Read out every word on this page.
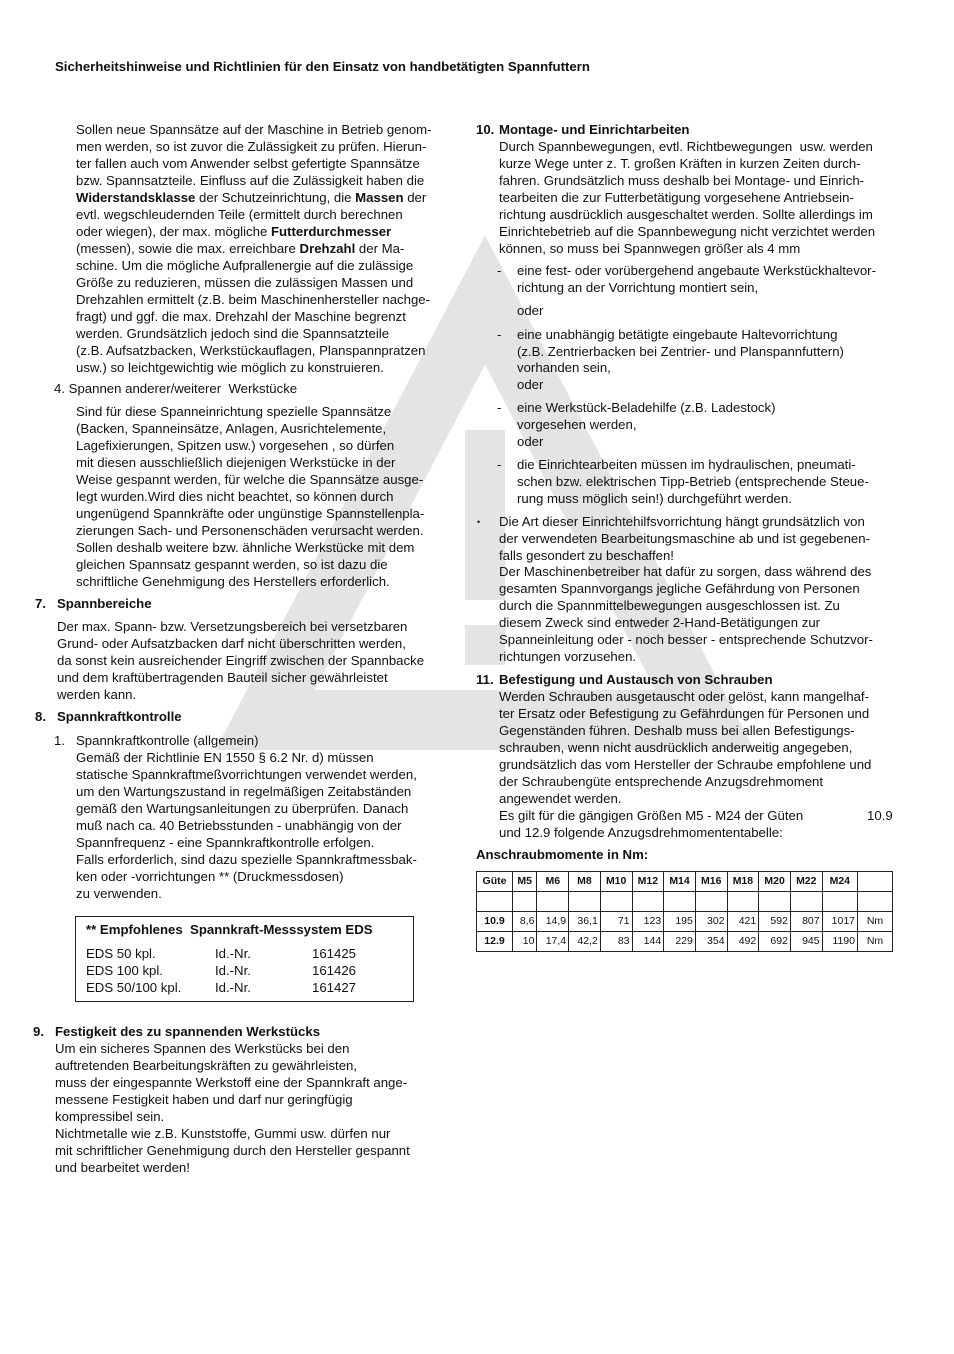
Sicherheitshinweise und Richtlinien für den Einsatz von handbetätigten Spannfuttern
Sollen neue Spannsätze auf der Maschine in Betrieb genom-
men werden, so ist zuvor die Zulässigkeit zu prüfen. Hierun-
ter fallen auch vom Anwender selbst gefertigte Spannsätze
bzw. Spannsatzteile. Einfluss auf die Zulässigkeit haben die
Widerstandsklasse der Schutzeinrichtung, die Massen der
evtl. wegschleudernden Teile (ermittelt durch berechnen
oder wiegen), der max. mögliche Futterdurchmesser
(messen), sowie die max. erreichbare Drehzahl der Ma-
schine. Um die mögliche Aufprallenergie auf die zulässige
Größe zu reduzieren, müssen die zulässigen Massen und
Drehzahlen ermittelt (z.B. beim Maschinenhersteller nachge-
fragt) und ggf. die max. Drehzahl der Maschine begrenzt
werden. Grundsätzlich jedoch sind die Spannsatzteile
(z.B. Aufsatzbacken, Werkstückauflagen, Planspannpratzen
usw.) so leichtgewichtig wie möglich zu konstruieren.
4. Spannen anderer/weiterer  Werkstücke
Sind für diese Spanneinrichtung spezielle Spannsätze
(Backen, Spanneinsätze, Anlagen, Ausrichtelemente,
Lagefixierungen, Spitzen usw.) vorgesehen , so dürfen
mit diesen ausschließlich diejenigen Werkstücke in der
Weise gespannt werden, für welche die Spannsätze ausge-
legt wurden.Wird dies nicht beachtet, so können durch
ungenügend Spannkräfte oder ungünstige Spannstellenpla-
zierungen Sach- und Personenschäden verursacht werden.
Sollen deshalb weitere bzw. ähnliche Werkstücke mit dem
gleichen Spannsatz gespannt werden, so ist dazu die
schriftliche Genehmigung des Herstellers erforderlich.
7. Spannbereiche
Der max. Spann- bzw. Versetzungsbereich bei versetzbaren
Grund- oder Aufsatzbacken darf nicht überschritten werden,
da sonst kein ausreichender Eingriff zwischen der Spannbacke
und dem kraftübertragenden Bauteil sicher gewährleistet
werden kann.
8. Spannkraftkontrolle
1. Spannkraftkontrolle (allgemein)
Gemäß der Richtlinie EN 1550 § 6.2 Nr. d) müssen
statische Spannkraftmeßvorrichtungen verwendet werden,
um den Wartungszustand in regelmäßigen Zeitabständen
gemäß den Wartungsanleitungen zu überprüfen. Danach
muß nach ca. 40 Betriebsstunden - unabhängig von der
Spannfrequenz - eine Spannkraftkontrolle erfolgen.
Falls erforderlich, sind dazu spezielle Spannkraftmessbak-
ken oder -vorrichtungen ** (Druckmessdosen)
zu verwenden.
** Empfohlenes  Spannkraft-Messsystem EDS
EDS 50 kpl.	Id.-Nr.	161425
EDS 100 kpl.	Id.-Nr.	161426
EDS 50/100 kpl.	Id.-Nr.	161427
9. Festigkeit des zu spannenden Werkstücks
Um ein sicheres Spannen des Werkstücks bei den
auftretenden Bearbeitungskräften zu gewährleisten,
muss der eingespannte Werkstoff eine der Spannkraft ange-
messene Festigkeit haben und darf nur geringfügig
kompressibel sein.
Nichtmetalle wie z.B. Kunststoffe, Gummi usw. dürfen nur
mit schriftlicher Genehmigung durch den Hersteller gespannt
und bearbeitet werden!
10. Montage- und Einrichtarbeiten
Durch Spannbewegungen, evtl. Richtbewegungen  usw. werden
kurze Wege unter z. T. großen Kräften in kurzen Zeiten durch-
fahren. Grundsätzlich muss deshalb bei Montage- und Einrich-
tearbeiten die zur Futterbetätigung vorgesehene Antriebsein-
richtung ausdrücklich ausgeschaltet werden. Sollte allerdings im
Einrichtebetrieb auf die Spannbewegung nicht verzichtet werden
können, so muss bei Spannwegen größer als 4 mm
- eine fest- oder vorübergehend angebaute Werkstückhaltevor-
richtung an der Vorrichtung montiert sein,
oder
- eine unabhängig betätigte eingebaute Haltevorrichtung
(z.B. Zentrierbacken bei Zentrier- und Planspannfuttern)
vorhanden sein,
oder
- eine Werkstück-Beladehilfe (z.B. Ladestock)
vorgesehen werden,
oder
- die Einrichtearbeiten müssen im hydraulischen, pneumati-
schen bzw. elektrischen Tipp-Betrieb (entsprechende Steue-
rung muss möglich sein!) durchgeführt werden.
• Die Art dieser Einrichtehilfsvorrichtung hängt grundsätzlich von
der verwendeten Bearbeitungsmaschine ab und ist gegebenen-
falls gesondert zu beschaffen!
Der Maschinenbetreiber hat dafür zu sorgen, dass während des
gesamten Spannvorgangs jegliche Gefährdung von Personen
durch die Spannmittelbewegungen ausgeschlossen ist. Zu
diesem Zweck sind entweder 2-Hand-Betätigungen zur
Spanneinleitung oder - noch besser - entsprechende Schutzvor-
richtungen vorzusehen.
11. Befestigung und Austausch von Schrauben
Werden Schrauben ausgetauscht oder gelöst, kann mangelhaf-
ter Ersatz oder Befestigung zu Gefährdungen für Personen und
Gegenständen führen. Deshalb muss bei allen Befestigungs-
schrauben, wenn nicht ausdrücklich anderweitig angegeben,
grundsätzlich das vom Hersteller der Schraube empfohlene und
der Schraubengüte entsprechende Anzugsdrehmoment
angewendet werden.
Es gilt für die gängigen Größen M5 - M24 der Güten	10.9
und 12.9 folgende Anzugsdrehmomententabelle:
Anschraubmomente in Nm:
Güte	M5	M6	M8	M10	M12	M14	M16	M18	M20	M22	M24	

10.9	8,6	14,9	36,1	71	123	195	302	421	592	807	1017	Nm
12.9	10	17,4	42,2	83	144	229	354	492	692	945	1190	Nm
